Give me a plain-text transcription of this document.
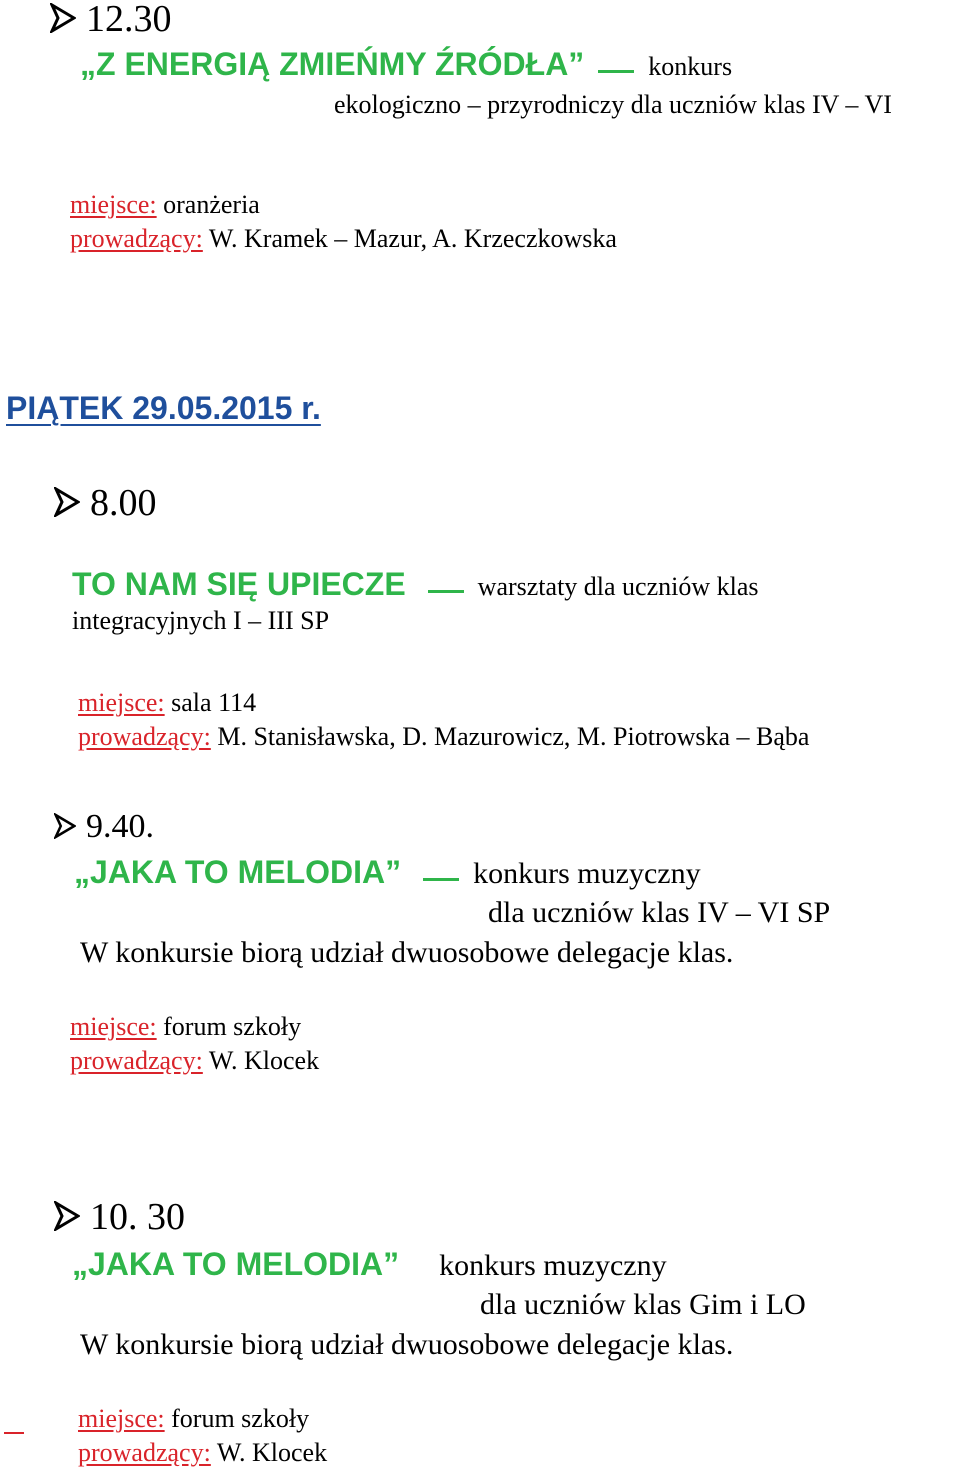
12.30
„Z ENERGIĄ ZMIEŃMY ŹRÓDŁA” konkurs
ekologiczno – przyrodniczy dla uczniów klas IV – VI
miejsce: oranżeria
prowadzący: W. Kramek – Mazur, A. Krzeczkowska
PIĄTEK 29.05.2015 r.
8.00
TO NAM SIĘ UPIECZE	warsztaty dla uczniów klas
integracyjnych I – III SP
miejsce: sala 114
prowadzący: M. Stanisławska, D. Mazurowicz, M. Piotrowska – Bąba
9.40.
„JAKA TO MELODIA” konkurs muzyczny
dla uczniów klas IV – VI SP
W konkursie biorą udział dwuosobowe delegacje klas.
miejsce: forum szkoły
prowadzący: W. Klocek
10. 30
„JAKA TO MELODIA” konkurs muzyczny
dla uczniów klas Gim i LO
W konkursie biorą udział dwuosobowe delegacje klas.
miejsce: forum szkoły
prowadzący: W. Klocek
